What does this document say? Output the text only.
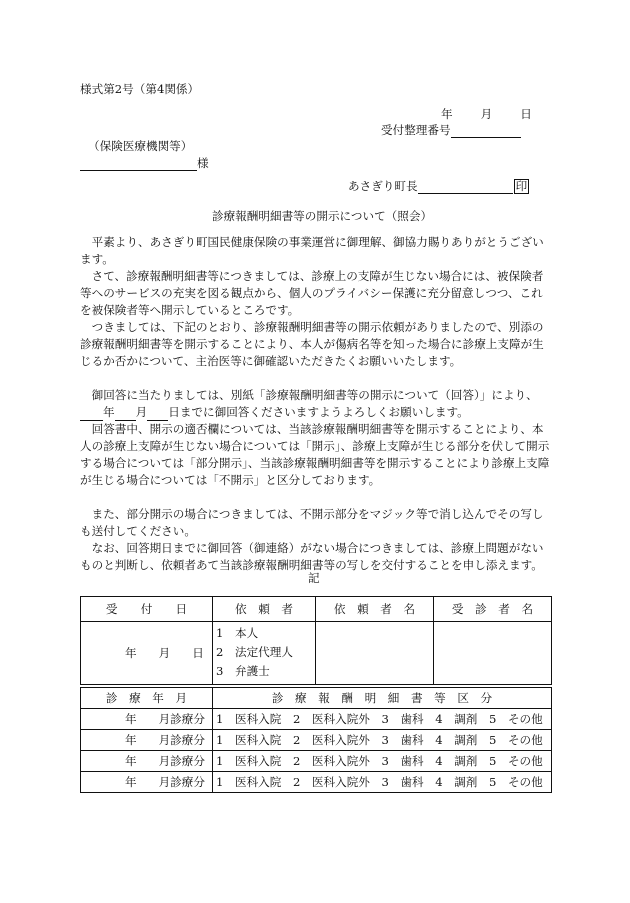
様式第2号（第4関係）
年 月 日
受付整理番号
（保険医療機関等）
様
あさぎり町長	印
診療報酬明細書等の開示について（照会）

平素より、あさぎり町国民健康保険の事業運営に御理解、御協力賜りありがとうございます。

さて、診療報酬明細書等につきましては、診療上の支障が生じない場合には、被保険者等へのサービスの充実を図る観点から、個人のプライバシー保護に充分留意しつつ、これを被保険者等へ開示しているところです。

つきましては、下記のとおり、診療報酬明細書等の開示依頼がありましたので、別添の診療報酬明細書等を開示することにより、本人が傷病名等を知った場合に診療上支障が生じるか否かについて、主治医等に御確認いただきたくお願いいたします。

御回答に当たりましては、別紙「診療報酬明細書等の開示について（回答）」により、

年 月 日までに御回答くださいますようよろしくお願いします。

回答書中、開示の適否欄については、当該診療報酬明細書等を開示することにより、本人の診療上支障が生じない場合については「開示」、診療上支障が生じる部分を伏して開示する場合については「部分開示」、当該診療報酬明細書等を開示することにより診療上支障が生じる場合については「不開示」と区分しております。

また、部分開示の場合につきましては、不開示部分をマジック等で消し込んでその写しも送付してください。

なお、回答期日までに御回答（御連絡）がない場合につきましては、診療上問題がないものと判断し、依頼者あて当該診療報酬明細書等の写しを交付することを申し添えます。

記
受　　付　　日	依　頼　者	依　頼　者　名	受　診　者　名

年 月 日	1　本人
2　法定代理人
3　弁護士		

診　療　年　月	診　療　報　酬　明　細　書　等　区　分
年 月診療分	1　医科入院　2　医科入院外　3　歯科　4　調剤　5　その他
年 月診療分	1　医科入院　2　医科入院外　3　歯科　4　調剤　5　その他
年 月診療分	1　医科入院　2　医科入院外　3　歯科　4　調剤　5　その他
年 月診療分	1　医科入院　2　医科入院外　3　歯科　4　調剤　5　その他
